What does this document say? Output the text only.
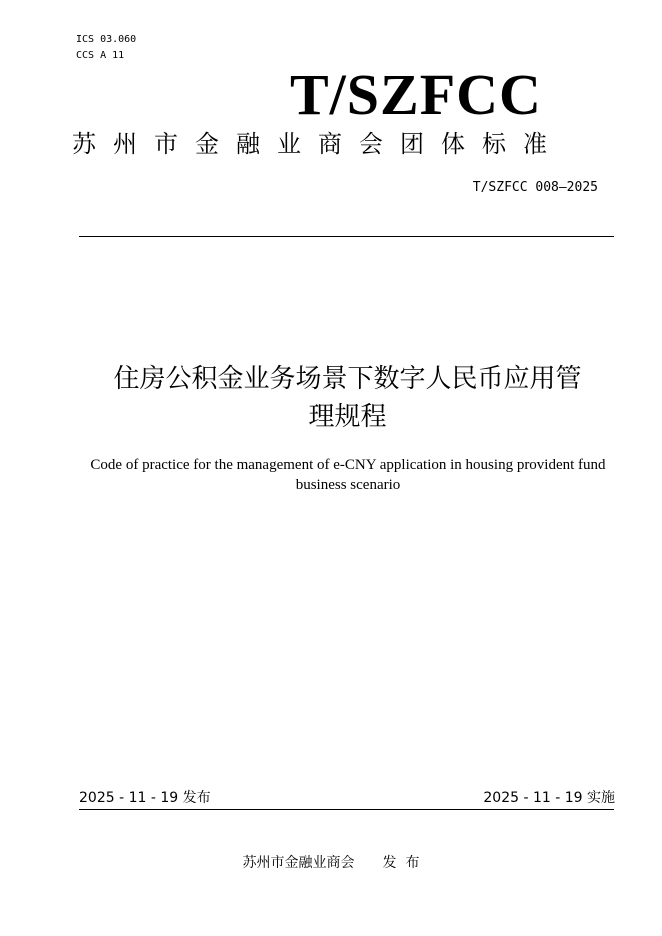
ICS 03.060
CCS A 11
T/SZFCC
苏州市金融业商会团体标准
T/SZFCC 008—2025
住房公积金业务场景下数字人民币应用管
理规程
Code of practice for the management of e-CNY application in housing provident fund
business scenario
2025 - 11 - 19 发布	2025 - 11 - 19 实施
苏州市金融业商会 发  布
